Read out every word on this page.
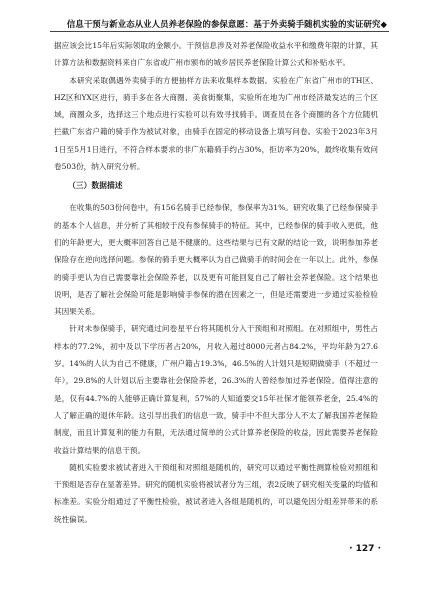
信息干预与新业态从业人员养老保险的参保意愿：基于外卖骑手随机实验的实证研究◆

据应该会比15年后实际领取的金额小。干预信息涉及对养老保险收益水平和缴费年限的计算，其计算方法和数据资料来自广东省或广州市颁布的城乡居民养老保险计算公式和补贴水平。

本研究采取偶遇外卖骑手的方便抽样方法来收集样本数据。实验在广东省广州市的TH区、HZ区和YX区进行，骑手多在各大商圈、美食街聚集，实验所在地为广州市经济最发达的三个区域，商圈众多，选择这三个地点进行实验可以有效寻找骑手。调查员在各个商圈的各个方位随机拦截广东省户籍的骑手作为被试对象，由骑手在固定的移动设备上填写问卷。实验于2023年3月1日至5月1日进行，不符合样本要求的非广东籍骑手约占30%，拒访率为20%，最终收集有效问卷503份，纳入研究分析。

（三）数据描述

在收集的503份问卷中，有156名骑手已经参保，参保率为31%。研究收集了已经参保骑手的基本个人信息，并分析了其相较于没有参保骑手的特征。其中，已经参保的骑手收入更低，他们的年龄更大，更大概率回答自己是不健康的。这些结果与已有文献的结论一致，说明参加养老保险存在逆向选择问题。参保的骑手更大概率认为自己做骑手的时间会在一年以上。此外，参保的骑手更认为自己需要靠社会保险养老，以及更有可能回复自己了解社会养老保险。这个结果也说明，是否了解社会保险可能是影响骑手参保的潜在因素之一，但是还需要进一步通过实验检验其因果关系。

针对未参保骑手，研究通过问卷星平台将其随机分入干预组和对照组。在对照组中，男性占样本的77.2%，初中及以下学历者占20%，月收入超过8000元者占84.2%，平均年龄为27.6岁。14%的人认为自己不健康，广州户籍占19.3%，46.5%的人计划只是短期做骑手（不超过一年），29.8%的人计划以后主要靠社会保险养老，26.3%的人曾经参加过养老保险。值得注意的是，仅有44.7%的人能够正确计算复利，57%的人知道要交15年社保才能领养老金，25.4%的人了解正确的退休年龄。这引导出我们的信息一致，骑手中不但大部分人不太了解我国养老保险制度，而且计算复利的能力有限，无法通过简单的公式计算养老保险的收益，因此需要养老保险收益计算结果的信息干预。

随机实验要求被试者进入干预组和对照组是随机的，研究可以通过平衡性测算检验对照组和干预组是否存在显著差异。研究的随机实验将被试者分为三组，表2反映了研究相关变量的均值和标准差。实验分组通过了平衡性检验，被试者进入各组是随机的，可以避免因分组差异带来的系统性偏误。

· 127 ·
